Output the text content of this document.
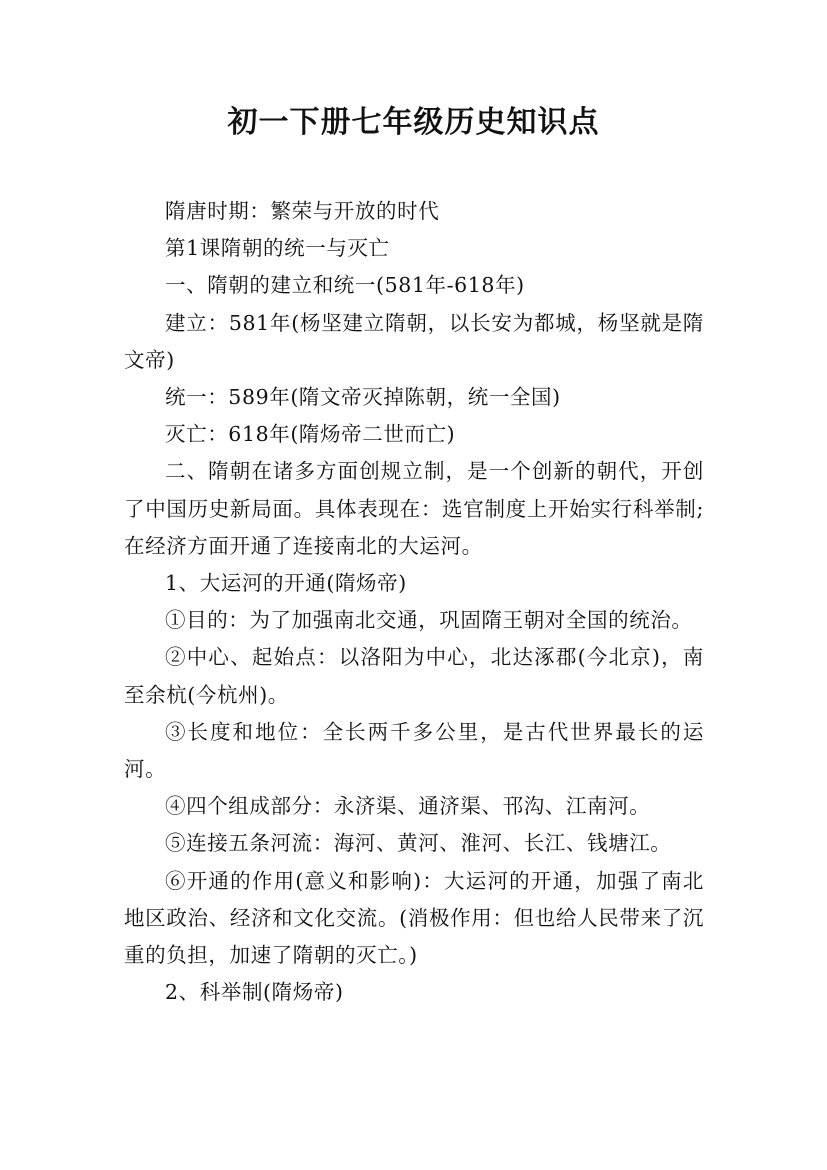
初一下册七年级历史知识点

隋唐时期：繁荣与开放的时代

第1课隋朝的统一与灭亡

一、隋朝的建立和统一(581年-618年)

建立：581年(杨坚建立隋朝，以长安为都城，杨坚就是隋文帝)

统一：589年(隋文帝灭掉陈朝，统一全国)

灭亡：618年(隋炀帝二世而亡)

二、隋朝在诸多方面创规立制，是一个创新的朝代，开创了中国历史新局面。具体表现在：选官制度上开始实行科举制;在经济方面开通了连接南北的大运河。

1、大运河的开通(隋炀帝)

①目的：为了加强南北交通，巩固隋王朝对全国的统治。

②中心、起始点：以洛阳为中心，北达涿郡(今北京)，南至余杭(今杭州)。

③长度和地位：全长两千多公里，是古代世界最长的运河。

④四个组成部分：永济渠、通济渠、邗沟、江南河。

⑤连接五条河流：海河、黄河、淮河、长江、钱塘江。

⑥开通的作用(意义和影响)：大运河的开通，加强了南北地区政治、经济和文化交流。(消极作用：但也给人民带来了沉重的负担，加速了隋朝的灭亡。)

2、科举制(隋炀帝)
